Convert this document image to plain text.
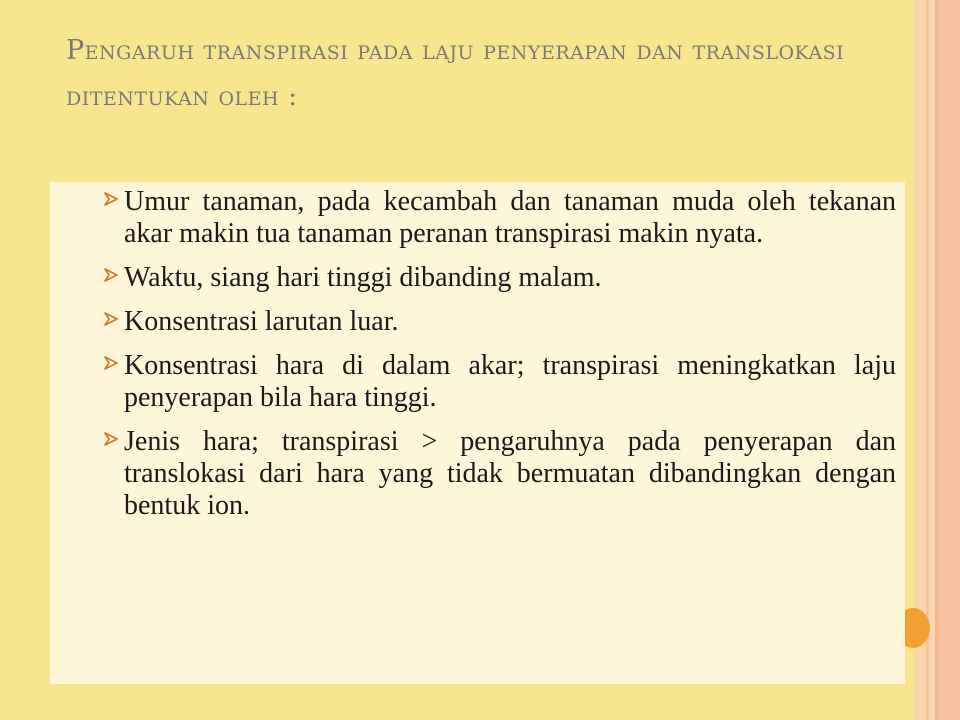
Pengaruh transpirasi pada laju penyerapan dan translokasi ditentukan oleh :
Umur tanaman, pada kecambah dan tanaman muda oleh tekanan akar makin tua tanaman peranan transpirasi makin nyata.
Waktu, siang hari tinggi dibanding malam.
Konsentrasi larutan luar.
Konsentrasi hara di dalam akar; transpirasi meningkatkan laju penyerapan bila hara tinggi.
Jenis hara; transpirasi > pengaruhnya pada penyerapan dan translokasi dari hara yang tidak bermuatan dibandingkan dengan bentuk ion.
